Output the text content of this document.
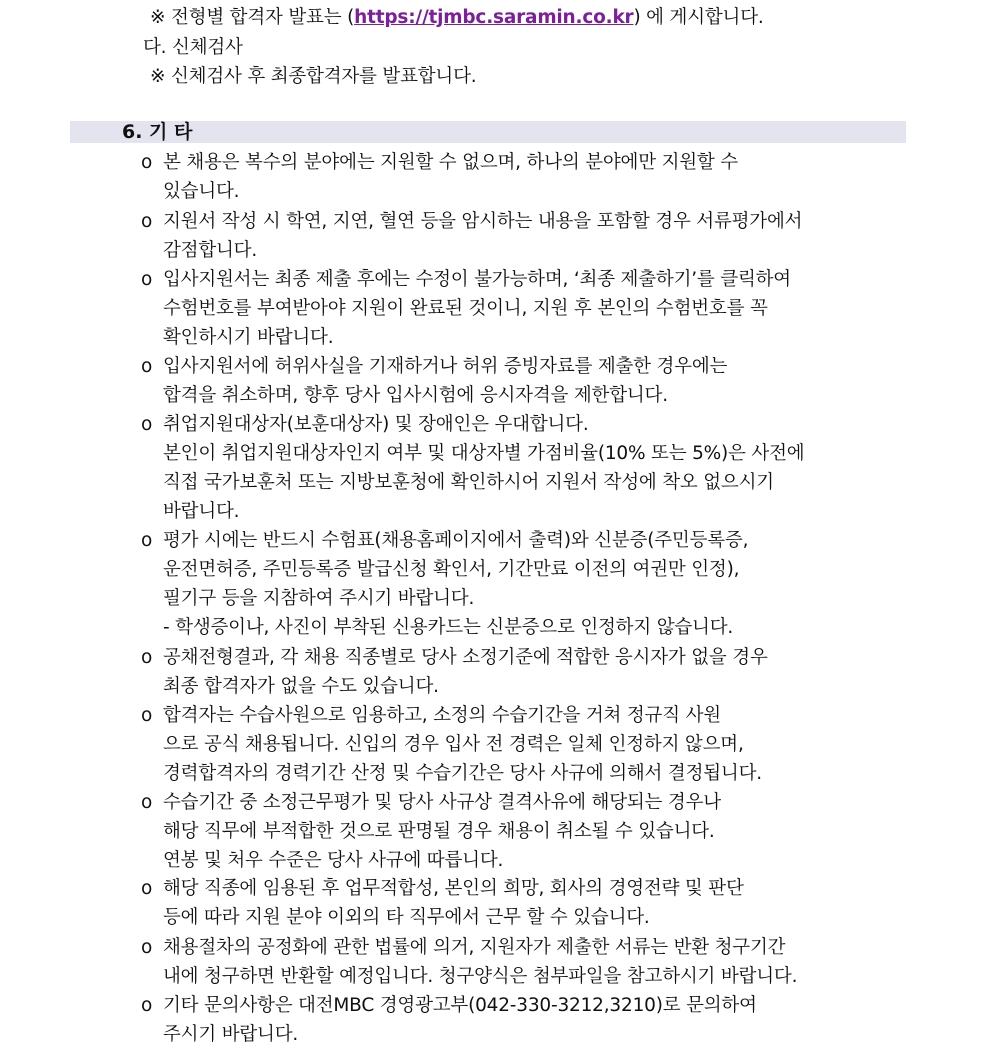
※ 전형별 합격자 발표는 (https://tjmbc.saramin.co.kr) 에 게시합니다.
다. 신체검사
※ 신체검사 후 최종합격자를 발표합니다.
6. 기 타
o 본 채용은 복수의 분야에는 지원할 수 없으며, 하나의 분야에만 지원할 수
있습니다.
o 지원서 작성 시 학연, 지연, 혈연 등을 암시하는 내용을 포함할 경우 서류평가에서
감점합니다.
o 입사지원서는 최종 제출 후에는 수정이 불가능하며, ‘최종 제출하기’를 클릭하여
수험번호를 부여받아야 지원이 완료된 것이니, 지원 후 본인의 수험번호를 꼭
확인하시기 바랍니다.
o 입사지원서에 허위사실을 기재하거나 허위 증빙자료를 제출한 경우에는
합격을 취소하며, 향후 당사 입사시험에 응시자격을 제한합니다.
o 취업지원대상자(보훈대상자) 및 장애인은 우대합니다.
본인이 취업지원대상자인지 여부 및 대상자별 가점비율(10% 또는 5%)은 사전에
직접 국가보훈처 또는 지방보훈청에 확인하시어 지원서 작성에 착오 없으시기
바랍니다.
o 평가 시에는 반드시 수험표(채용홈페이지에서 출력)와 신분증(주민등록증,
운전면허증, 주민등록증 발급신청 확인서, 기간만료 이전의 여권만 인정),
필기구 등을 지참하여 주시기 바랍니다.
- 학생증이나, 사진이 부착된 신용카드는 신분증으로 인정하지 않습니다.
o 공채전형결과, 각 채용 직종별로 당사 소정기준에 적합한 응시자가 없을 경우
최종 합격자가 없을 수도 있습니다.
o 합격자는 수습사원으로 임용하고, 소정의 수습기간을 거쳐 정규직 사원
으로 공식 채용됩니다. 신입의 경우 입사 전 경력은 일체 인정하지 않으며,
경력합격자의 경력기간 산정 및 수습기간은 당사 사규에 의해서 결정됩니다.
o 수습기간 중 소정근무평가 및 당사 사규상 결격사유에 해당되는 경우나
해당 직무에 부적합한 것으로 판명될 경우 채용이 취소될 수 있습니다.
연봉 및 처우 수준은 당사 사규에 따릅니다.
o 해당 직종에 임용된 후 업무적합성, 본인의 희망, 회사의 경영전략 및 판단
등에 따라 지원 분야 이외의 타 직무에서 근무 할 수 있습니다.
o 채용절차의 공정화에 관한 법률에 의거, 지원자가 제출한 서류는 반환 청구기간
내에 청구하면 반환할 예정입니다. 청구양식은 첨부파일을 참고하시기 바랍니다.
o 기타 문의사항은 대전MBC 경영광고부(042-330-3212,3210)로 문의하여
주시기 바랍니다.
